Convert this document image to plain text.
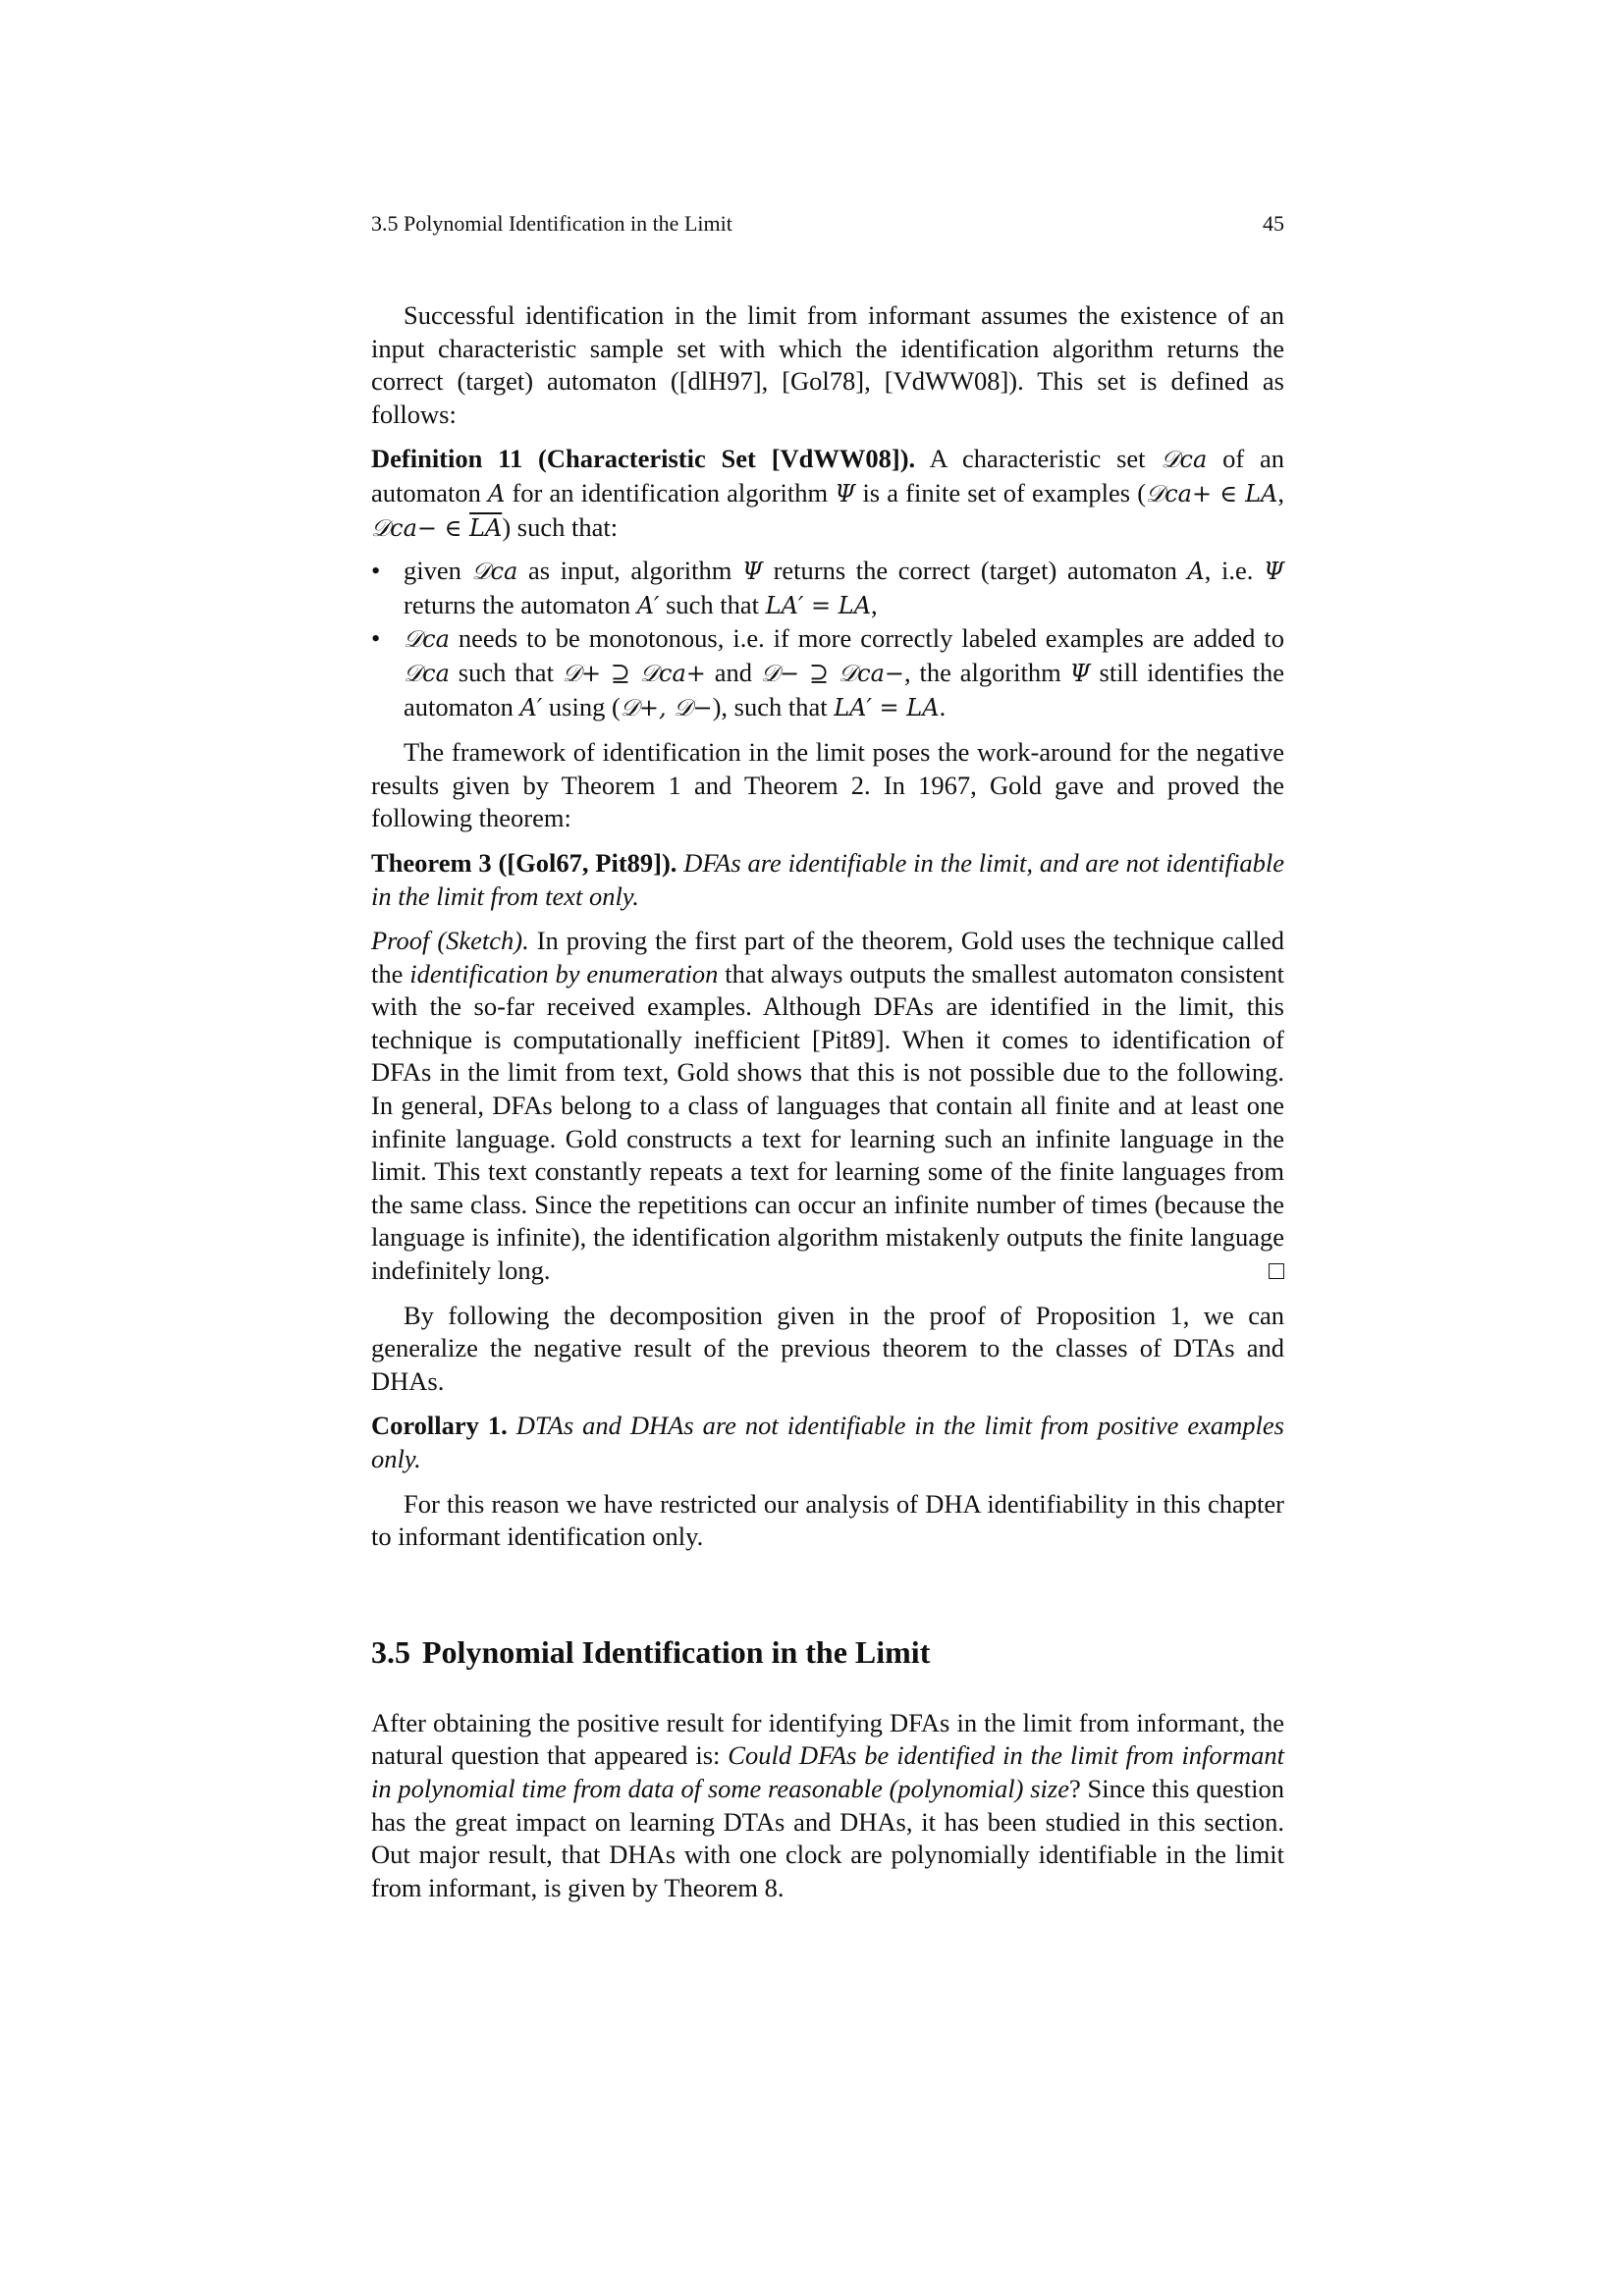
3.5 Polynomial Identification in the Limit	45

Successful identification in the limit from informant assumes the existence of an input characteristic sample set with which the identification algorithm returns the correct (target) automaton ([dlH97], [Gol78], [VdWW08]). This set is defined as follows:

Definition 11 (Characteristic Set [VdWW08]). A characteristic set 𝒟ca of an automaton A for an identification algorithm Ψ is a finite set of examples (𝒟ca+ ∈ LA, 𝒟ca− ∈ $\overline{LA}$) such that:

• given 𝒟ca as input, algorithm Ψ returns the correct (target) automaton A, i.e. Ψ returns the automaton A′ such that LA′ = LA,
• 𝒟ca needs to be monotonous, i.e. if more correctly labeled examples are added to 𝒟ca such that 𝒟+ ⊇ 𝒟ca+ and 𝒟− ⊇ 𝒟ca−, the algorithm Ψ still identifies the automaton A′ using (𝒟+, 𝒟−), such that LA′ = LA.

The framework of identification in the limit poses the work-around for the negative results given by Theorem 1 and Theorem 2. In 1967, Gold gave and proved the following theorem:

Theorem 3 ([Gol67, Pit89]). DFAs are identifiable in the limit, and are not identifiable in the limit from text only.

Proof (Sketch). In proving the first part of the theorem, Gold uses the technique called the identification by enumeration that always outputs the smallest automaton consistent with the so-far received examples. Although DFAs are identified in the limit, this technique is computationally inefficient [Pit89]. When it comes to identification of DFAs in the limit from text, Gold shows that this is not possible due to the following. In general, DFAs belong to a class of languages that contain all finite and at least one infinite language. Gold constructs a text for learning such an infinite language in the limit. This text constantly repeats a text for learning some of the finite languages from the same class. Since the repetitions can occur an infinite number of times (because the language is infinite), the identification algorithm mistakenly outputs the finite language indefinitely long.	□

By following the decomposition given in the proof of Proposition 1, we can generalize the negative result of the previous theorem to the classes of DTAs and DHAs.

Corollary 1. DTAs and DHAs are not identifiable in the limit from positive examples only.

For this reason we have restricted our analysis of DHA identifiability in this chapter to informant identification only.

3.5 Polynomial Identification in the Limit

After obtaining the positive result for identifying DFAs in the limit from informant, the natural question that appeared is: Could DFAs be identified in the limit from informant in polynomial time from data of some reasonable (polynomial) size? Since this question has the great impact on learning DTAs and DHAs, it has been studied in this section. Out major result, that DHAs with one clock are polynomially identifiable in the limit from informant, is given by Theorem 8.
